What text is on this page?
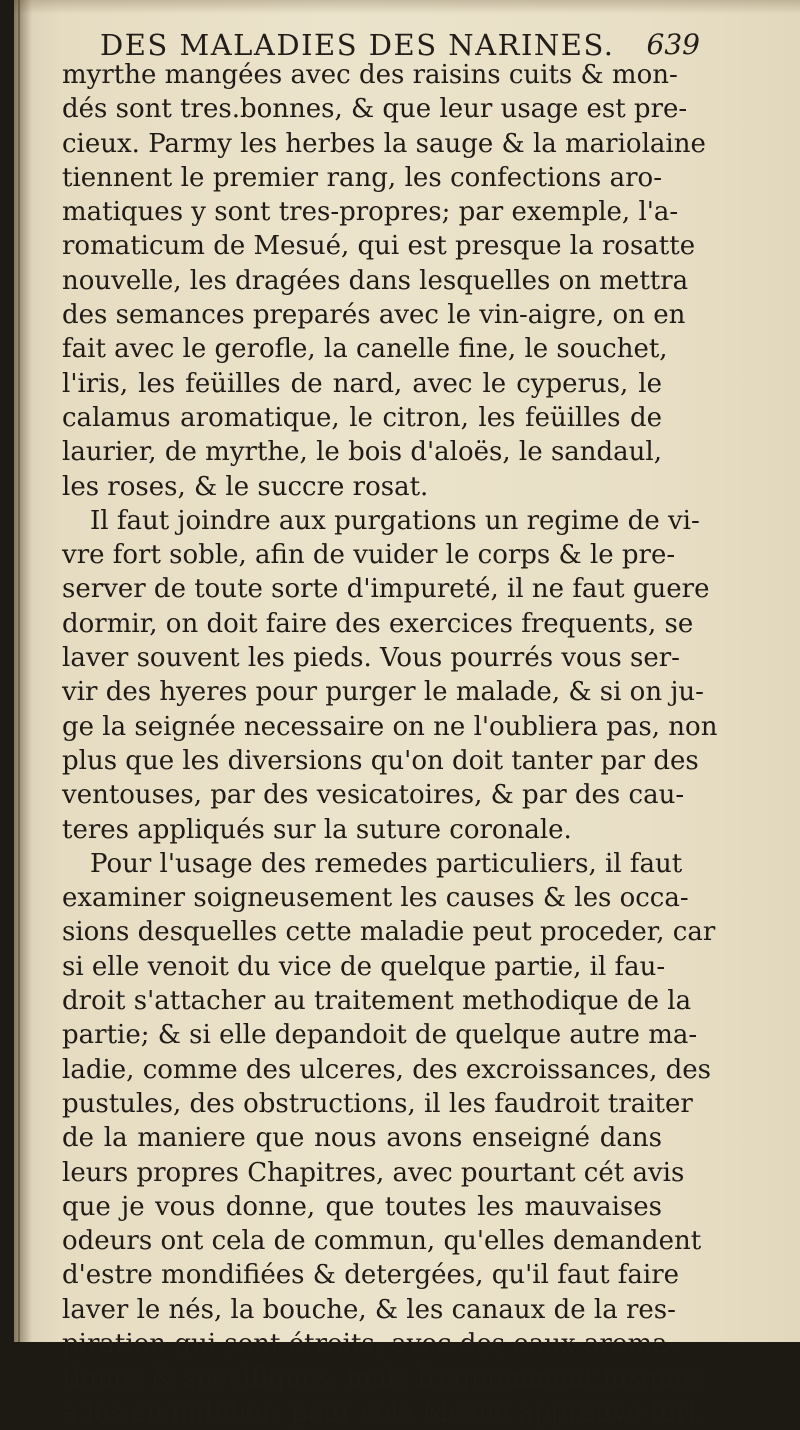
DES MALADIES DES NARINES. 639
myrthe mangées avec des raisins cuits & mon-
dés sont tres.bonnes, & que leur usage est pre-
cieux. Parmy les herbes la sauge & la mariolaine
tiennent le premier rang, les confections aro-
matiques y sont tres-propres; par exemple, l'a-
romaticum de Mesué, qui est presque la rosatte
nouvelle, les dragées dans lesquelles on mettra
des semances preparés avec le vin-aigre, on en
fait avec le gerofle, la canelle fine, le souchet,
l'iris, les feüilles de nard, avec le cyperus, le
calamus aromatique, le citron, les feüilles de
laurier, de myrthe, le bois d'aloës, le sandaul,
les roses, & le succre rosat.
Il faut joindre aux purgations un regime de vi-
vre fort soble, afin de vuider le corps & le pre-
server de toute sorte d'impureté, il ne faut guere
dormir, on doit faire des exercices frequents, se
laver souvent les pieds. Vous pourrés vous ser-
vir des hyeres pour purger le malade, & si on ju-
ge la seignée necessaire on ne l'oubliera pas, non
plus que les diversions qu'on doit tanter par des
ventouses, par des vesicatoires, & par des cau-
teres appliqués sur la suture coronale.
Pour l'usage des remedes particuliers, il faut
examiner soigneusement les causes & les occa-
sions desquelles cette maladie peut proceder, car
si elle venoit du vice de quelque partie, il fau-
droit s'attacher au traitement methodique de la
partie; & si elle depandoit de quelque autre ma-
ladie, comme des ulceres, des excroissances, des
pustules, des obstructions, il les faudroit traiter
de la maniere que nous avons enseigné dans
leurs propres Chapitres, avec pourtant cét avis
que je vous donne, que toutes les mauvaises
odeurs ont cela de commun, qu'elles demandent
d'estre mondifiées & detergées, qu'il faut faire
laver le nés, la bouche, & les canaux de la res-
piration qui sont étroits, avec des eaux aroma-
tiques & specifiques, mais frequemment jusques
à les en imbiber; pour cela Mesué approuve fort
